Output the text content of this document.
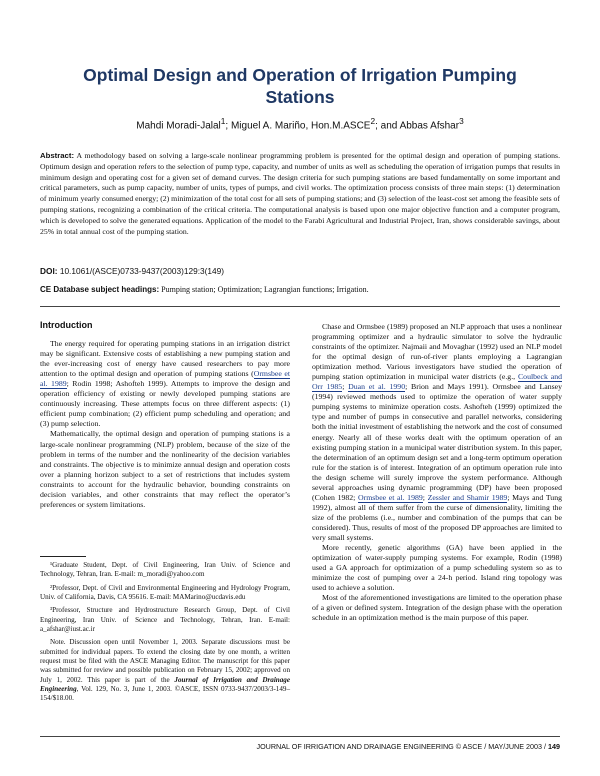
Optimal Design and Operation of Irrigation Pumping Stations
Mahdi Moradi-Jalal$^1$; Miguel A. Mariño, Hon.M.ASCE$^2$; and Abbas Afshar$^3$
Abstract: A methodology based on solving a large-scale nonlinear programming problem is presented for the optimal design and operation of pumping stations. Optimum design and operation refers to the selection of pump type, capacity, and number of units as well as scheduling the operation of irrigation pumps that results in minimum design and operating cost for a given set of demand curves. The design criteria for such pumping stations are based fundamentally on some important and critical parameters, such as pump capacity, number of units, types of pumps, and civil works. The optimization process consists of three main steps: (1) determination of minimum yearly consumed energy; (2) minimization of the total cost for all sets of pumping stations; and (3) selection of the least-cost set among the feasible sets of pumping stations, recognizing a combination of the critical criteria. The computational analysis is based upon one major objective function and a computer program, which is developed to solve the generated equations. Application of the model to the Farabi Agricultural and Industrial Project, Iran, shows considerable savings, about 25% in total annual cost of the pumping station.
DOI: 10.1061/(ASCE)0733-9437(2003)129:3(149)
CE Database subject headings: Pumping station; Optimization; Lagrangian functions; Irrigation.
Introduction

The energy required for operating pumping stations in an irrigation district may be significant. Extensive costs of establishing a new pumping station and the ever-increasing cost of energy have caused researchers to pay more attention to the optimal design and operation of pumping stations (Ormsbee et al. 1989; Rodin 1998; Ashofteh 1999). Attempts to improve the design and operation efficiency of existing or newly developed pumping stations are continuously increasing. These attempts focus on three different aspects: (1) efficient pump combination; (2) efficient pump scheduling and operation; and (3) pump selection.

Mathematically, the optimal design and operation of pumping stations is a large-scale nonlinear programming (NLP) problem, because of the size of the problem in terms of the number and the nonlinearity of the decision variables and constraints. The objective is to minimize annual design and operation costs over a planning horizon subject to a set of restrictions that includes system constraints to account for the hydraulic behavior, bounding constraints on decision variables, and other constraints that may reflect the operator’s preferences or system limitations.

Chase and Ormsbee (1989) proposed an NLP approach that uses a nonlinear programming optimizer and a hydraulic simulator to solve the hydraulic constraints of the optimizer. Najmaii and Movaghar (1992) used an NLP model for the optimal design of run-of-river plants employing a Lagrangian optimization method. Various investigators have studied the operation of pumping station optimization in municipal water districts (e.g., Coulbeck and Orr 1985; Duan et al. 1990; Brion and Mays 1991). Ormsbee and Lansey (1994) reviewed methods used to optimize the operation of water supply pumping systems to minimize operation costs. Ashofteh (1999) optimized the type and number of pumps in consecutive and parallel networks, considering both the initial investment of establishing the network and the cost of consumed energy. Nearly all of these works dealt with the optimum operation of an existing pumping station in a municipal water distribution system. In this paper, the determination of an optimum design set and a long-term optimum operation rule for the station is of interest. Integration of an optimum operation rule into the design scheme will surely improve the system performance. Although several approaches using dynamic programming (DP) have been proposed (Cohen 1982; Ormsbee et al. 1989; Zessler and Shamir 1989; Mays and Tung 1992), almost all of them suffer from the curse of dimensionality, limiting the size of the problems (i.e., number and combination of the pumps that can be considered). Thus, results of most of the proposed DP approaches are limited to very small systems.

More recently, genetic algorithms (GA) have been applied in the optimization of water-supply pumping systems. For example, Rodin (1998) used a GA approach for optimization of a pump scheduling system so as to minimize the cost of pumping over a 24-h period. Island ring topology was used to achieve a solution.

Most of the aforementioned investigations are limited to the operation phase of a given or defined system. Integration of the design phase with the operation schedule in an optimization method is the main purpose of this paper.

¹Graduate Student, Dept. of Civil Engineering, Iran Univ. of Science and Technology, Tehran, Iran. E-mail: m_moradi@yahoo.com

²Professor, Dept. of Civil and Environmental Engineering and Hydrology Program, Univ. of California, Davis, CA 95616. E-mail: MAMarino@ucdavis.edu

³Professor, Structure and Hydrostructure Research Group, Dept. of Civil Engineering, Iran Univ. of Science and Technology, Tehran, Iran. E-mail: a_afshar@iust.ac.ir

Note. Discussion open until November 1, 2003. Separate discussions must be submitted for individual papers. To extend the closing date by one month, a written request must be filed with the ASCE Managing Editor. The manuscript for this paper was submitted for review and possible publication on February 15, 2002; approved on July 1, 2002. This paper is part of the Journal of Irrigation and Drainage Engineering, Vol. 129, No. 3, June 1, 2003. ©ASCE, ISSN 0733-9437/2003/3-149–154/$18.00.

JOURNAL OF IRRIGATION AND DRAINAGE ENGINEERING © ASCE / MAY/JUNE 2003 / 149
